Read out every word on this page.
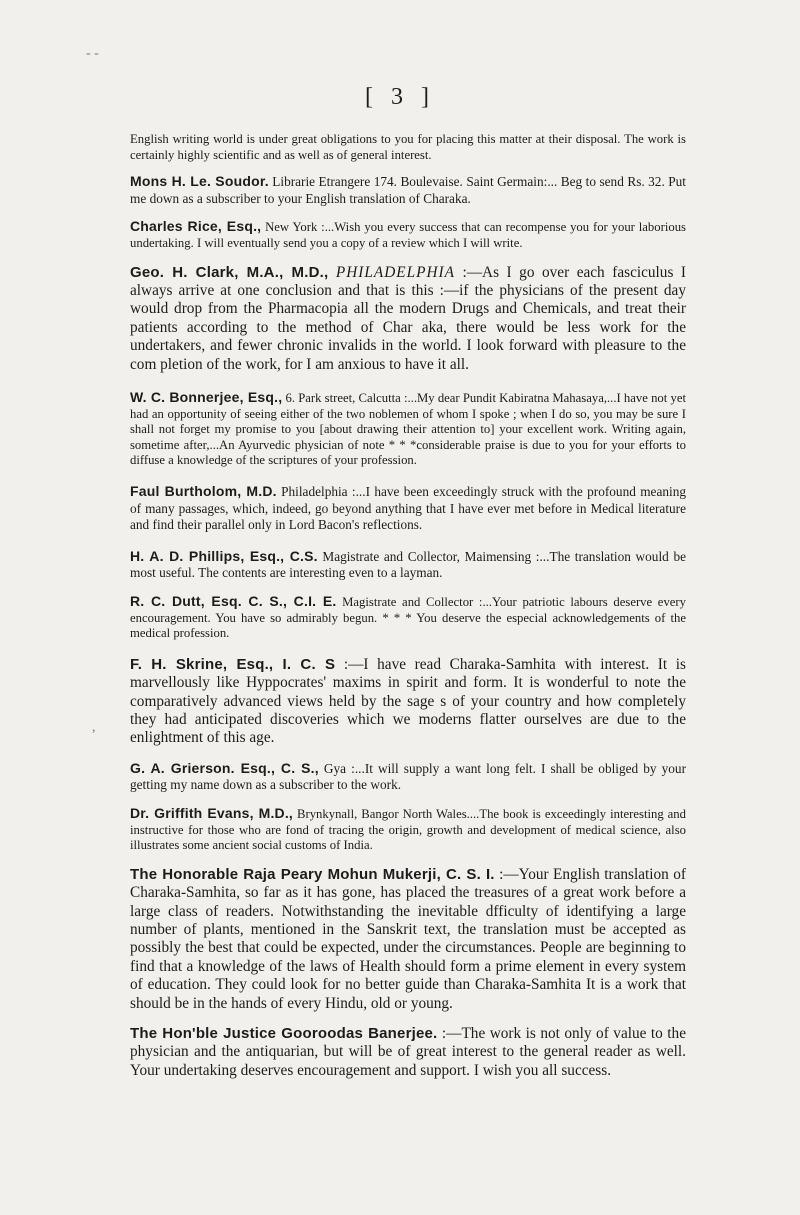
‐ ‐
,
[ 3 ]

English writing world is under great obligations to you for placing this matter at their disposal. The work is certainly highly scientific and as well as of general interest.

Mons H. Le. Soudor. Librarie Etrangere 174. Boulevaise. Saint Germain:... Beg to send Rs. 32. Put me down as a subscriber to your English translation of Charaka.

Charles Rice, Esq., New York :...Wish you every success that can recompense you for your laborious undertaking. I will eventually send you a copy of a review which I will write.

Geo. H. Clark, M.A., M.D., PHILADELPHIA :—As I go over each fasciculus I always arrive at one conclusion and that is this :—if the physicians of the present day would drop from the Pharmacopia all the modern Drugs and Chemicals, and treat their patients according to the method of Char aka, there would be less work for the undertakers, and fewer chronic invalids in the world. I look forward with pleasure to the com pletion of the work, for I am anxious to have it all.

W. C. Bonnerjee, Esq., 6. Park street, Calcutta :...My dear Pundit Kabiratna Mahasaya,...I have not yet had an opportunity of seeing either of the two noblemen of whom I spoke ; when I do so, you may be sure I shall not forget my promise to you [about drawing their attention to] your excellent work. Writing again, sometime after,...An Ayurvedic physician of note * * *considerable praise is due to you for your efforts to diffuse a knowledge of the scriptures of your profession.

Faul Burtholom, M.D. Philadelphia :...I have been exceedingly struck with the profound meaning of many passages, which, indeed, go beyond anything that I have ever met before in Medical literature and find their parallel only in Lord Bacon's reflections.

H. A. D. Phillips, Esq., C.S. Magistrate and Collector, Maimensing :...The translation would be most useful. The contents are interesting even to a layman.

R. C. Dutt, Esq. C. S., C.I. E. Magistrate and Collector :...Your patriotic labours deserve every encouragement. You have so admirably begun. * * * You deserve the especial acknowledgements of the medical profession.

F. H. Skrine, Esq., I. C. S :—I have read Charaka-Samhita with interest. It is marvellously like Hyppocrates' maxims in spirit and form. It is wonderful to note the comparatively advanced views held by the sage s of your country and how completely they had anticipated discoveries which we moderns flatter ourselves are due to the enlightment of this age.

G. A. Grierson. Esq., C. S., Gya :...It will supply a want long felt. I shall be obliged by your getting my name down as a subscriber to the work.

Dr. Griffith Evans, M.D., Brynkynall, Bangor North Wales....The book is exceedingly interesting and instructive for those who are fond of tracing the origin, growth and development of medical science, also illustrates some ancient social customs of India.

The Honorable Raja Peary Mohun Mukerji, C. S. I. :—Your English translation of Charaka-Samhita, so far as it has gone, has placed the treasures of a great work before a large class of readers. Notwithstanding the inevitable dfficulty of identifying a large number of plants, mentioned in the Sanskrit text, the translation must be accepted as possibly the best that could be expected, under the circumstances. People are beginning to find that a knowledge of the laws of Health should form a prime element in every system of education. They could look for no better guide than Charaka-Samhita It is a work that should be in the hands of every Hindu, old or young.

The Hon'ble Justice Gooroodas Banerjee. :—The work is not only of value to the physician and the antiquarian, but will be of great interest to the general reader as well. Your undertaking deserves encouragement and support. I wish you all success.
